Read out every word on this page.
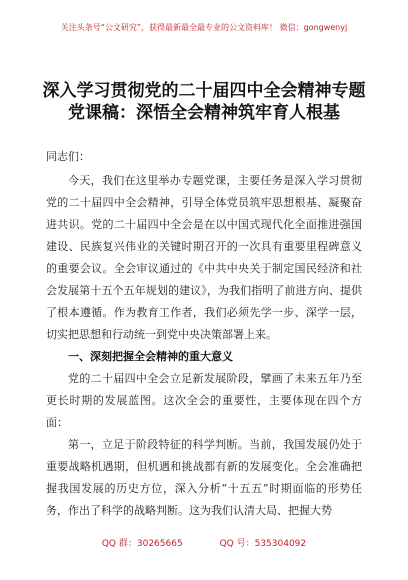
关注头条号“公文研究”，获得最新最全最专业的公文资料库！ 微信：gongwenyj
深入学习贯彻党的二十届四中全会精神专题党课稿：深悟全会精神筑牢育人根基

同志们：

今天，我们在这里举办专题党课，主要任务是深入学习贯彻党的二十届四中全会精神，引导全体党员筑牢思想根基、凝聚奋进共识。党的二十届四中全会是在以中国式现代化全面推进强国建设、民族复兴伟业的关键时期召开的一次具有重要里程碑意义的重要会议。全会审议通过的《中共中央关于制定国民经济和社会发展第十五个五年规划的建议》，为我们指明了前进方向、提供了根本遵循。作为教育工作者，我们必须先学一步、深学一层，切实把思想和行动统一到党中央决策部署上来。

一、深刻把握全会精神的重大意义

党的二十届四中全会立足新发展阶段，擘画了未来五年乃至更长时期的发展蓝图。这次全会的重要性，主要体现在四个方面：

第一，立足于阶段特征的科学判断。当前，我国发展仍处于重要战略机遇期，但机遇和挑战都有新的发展变化。全会准确把握我国发展的历史方位，深入分析“十五五”时期面临的形势任务，作出了科学的战略判断。这为我们认清大局、把握大势

QQ 群：30265665	QQ 号：535304092
